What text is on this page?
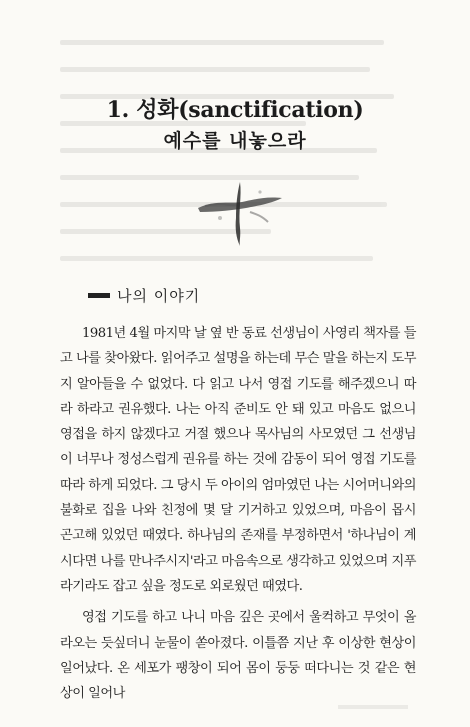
1. 성화(sanctification)
예수를 내놓으라
나의 이야기

1981년 4월 마지막 날 옆 반 동료 선생님이 사영리 책자를 들고 나를 찾아왔다. 읽어주고 설명을 하는데 무슨 말을 하는지 도무지 알아들을 수 없었다. 다 읽고 나서 영접 기도를 해주겠으니 따라 하라고 권유했다. 나는 아직 준비도 안 돼 있고 마음도 없으니 영접을 하지 않겠다고 거절 했으나 목사님의 사모였던 그 선생님이 너무나 정성스럽게 권유를 하는 것에 감동이 되어 영접 기도를 따라 하게 되었다. 그 당시 두 아이의 엄마였던 나는 시어머니와의 불화로 집을 나와 친정에 몇 달 기거하고 있었으며, 마음이 몹시 곤고해 있었던 때였다. 하나님의 존재를 부정하면서 '하나님이 계시다면 나를 만나주시지'라고 마음속으로 생각하고 있었으며 지푸라기라도 잡고 싶을 정도로 외로웠던 때였다.

영접 기도를 하고 나니 마음 깊은 곳에서 울컥하고 무엇이 올라오는 듯싶더니 눈물이 쏟아졌다. 이틀쯤 지난 후 이상한 현상이 일어났다. 온 세포가 팽창이 되어 몸이 둥둥 떠다니는 것 같은 현상이 일어나
